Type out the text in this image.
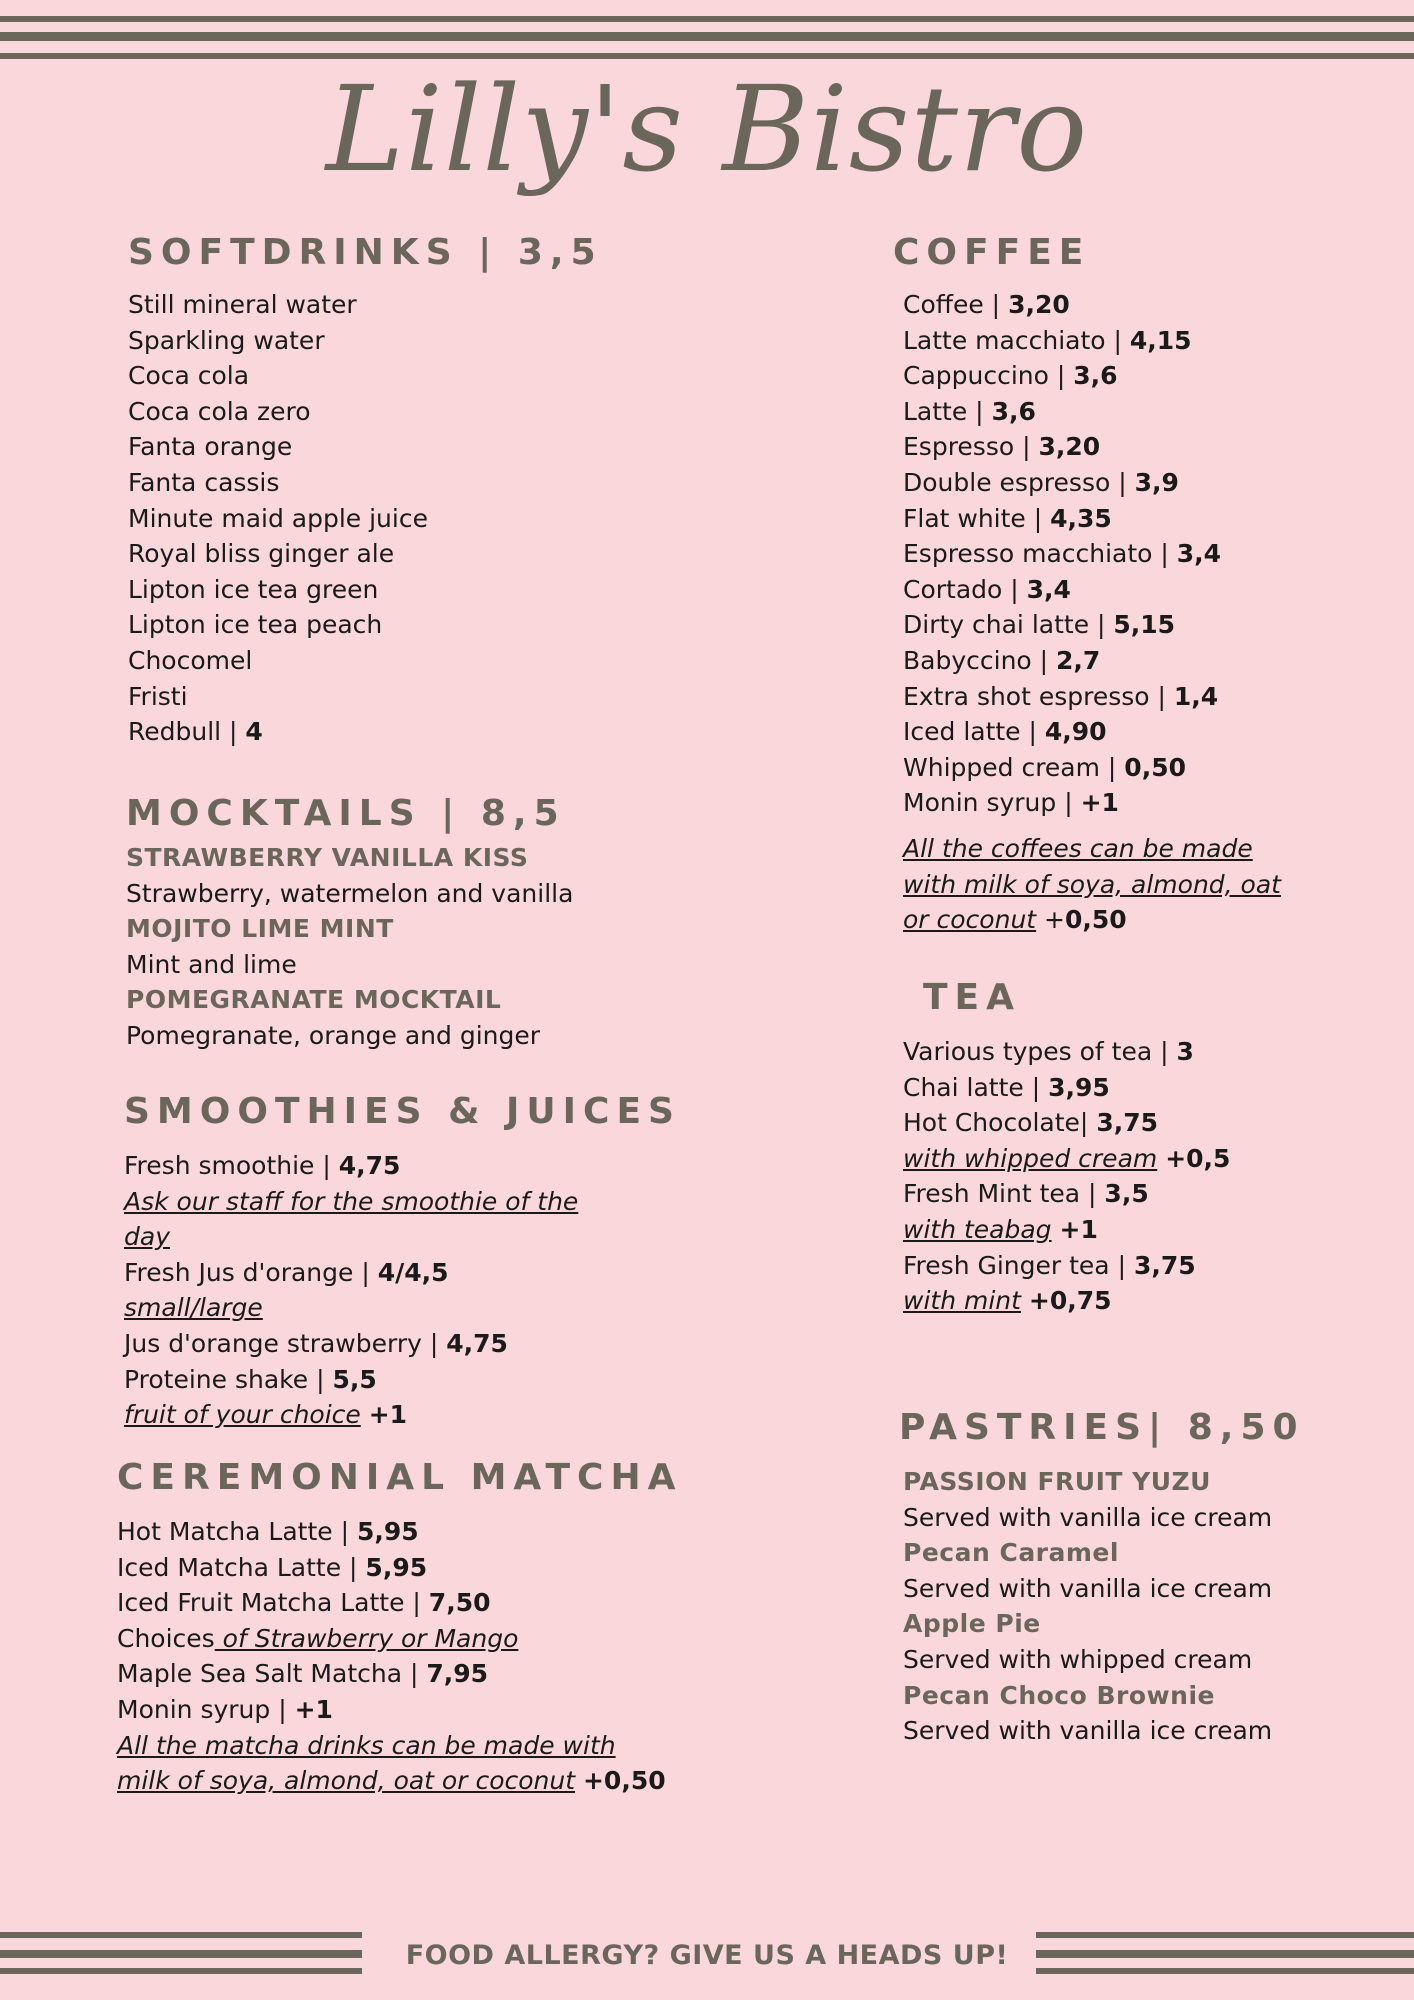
Lilly's Bistro
SOFTDRINKS | 3,5
Still mineral water
Sparkling water
Coca cola
Coca cola zero
Fanta orange
Fanta cassis
Minute maid apple juice
Royal bliss ginger ale
Lipton ice tea green
Lipton ice tea peach
Chocomel
Fristi
Redbull | 4
MOCKTAILS | 8,5
STRAWBERRY VANILLA KISS
Strawberry, watermelon and vanilla
MOJITO LIME MINT
Mint and lime
POMEGRANATE MOCKTAIL
Pomegranate, orange and ginger
SMOOTHIES & JUICES
Fresh smoothie | 4,75
Ask our staff for the smoothie of the
day
Fresh Jus d'orange | 4/4,5
small/large
Jus d'orange strawberry | 4,75
Proteine shake | 5,5
fruit of your choice +1
CEREMONIAL MATCHA
Hot Matcha Latte | 5,95
Iced Matcha Latte | 5,95
Iced Fruit Matcha Latte | 7,50
Choices of Strawberry or Mango
Maple Sea Salt Matcha | 7,95
Monin syrup | +1
All the matcha drinks can be made with
milk of soya, almond, oat or coconut +0,50
COFFEE
Coffee | 3,20
Latte macchiato | 4,15
Cappuccino | 3,6
Latte | 3,6
Espresso | 3,20
Double espresso | 3,9
Flat white | 4,35
Espresso macchiato | 3,4
Cortado | 3,4
Dirty chai latte | 5,15
Babyccino | 2,7
Extra shot espresso | 1,4
Iced latte | 4,90
Whipped cream | 0,50
Monin syrup | +1
All the coffees can be made
with milk of soya, almond, oat
or coconut +0,50
TEA
Various types of tea | 3
Chai latte | 3,95
Hot Chocolate| 3,75
with whipped cream +0,5
Fresh Mint tea | 3,5
with teabag +1
Fresh Ginger tea | 3,75
with mint +0,75
PASTRIES| 8,50
PASSION FRUIT YUZU
Served with vanilla ice cream
Pecan Caramel
Served with vanilla ice cream
Apple Pie
Served with whipped cream
Pecan Choco Brownie
Served with vanilla ice cream
FOOD ALLERGY? GIVE US A HEADS UP!
